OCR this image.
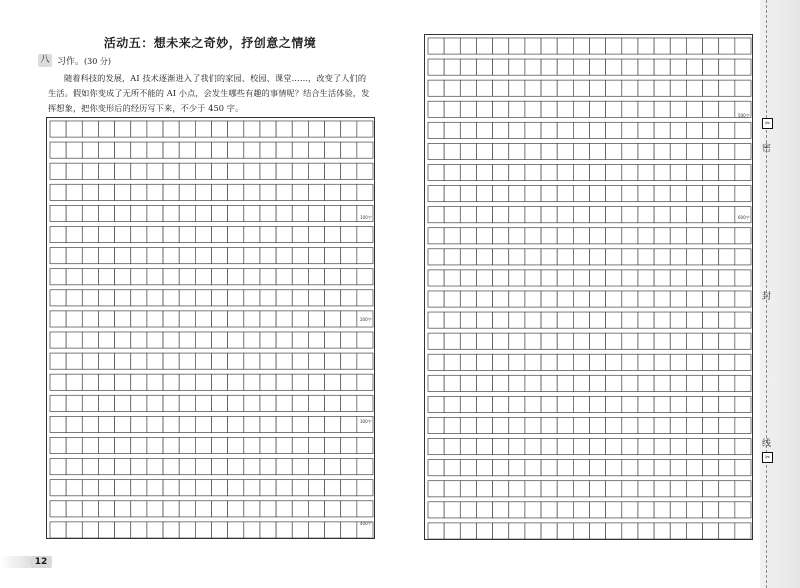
活动五：想未来之奇妙，抒创意之情境
八 习作。(30 分)
随着科技的发展，AI 技术逐渐进入了我们的家园、校园、课堂……，改变了人们的生活。假如你变成了无所不能的 AI 小点，会发生哪些有趣的事情呢？结合生活体验，发挥想象，把你变形后的经历写下来，不少于 450 字。
100字
200字
300字
400字
500字
600字
✂
密
封
线
✂
12
